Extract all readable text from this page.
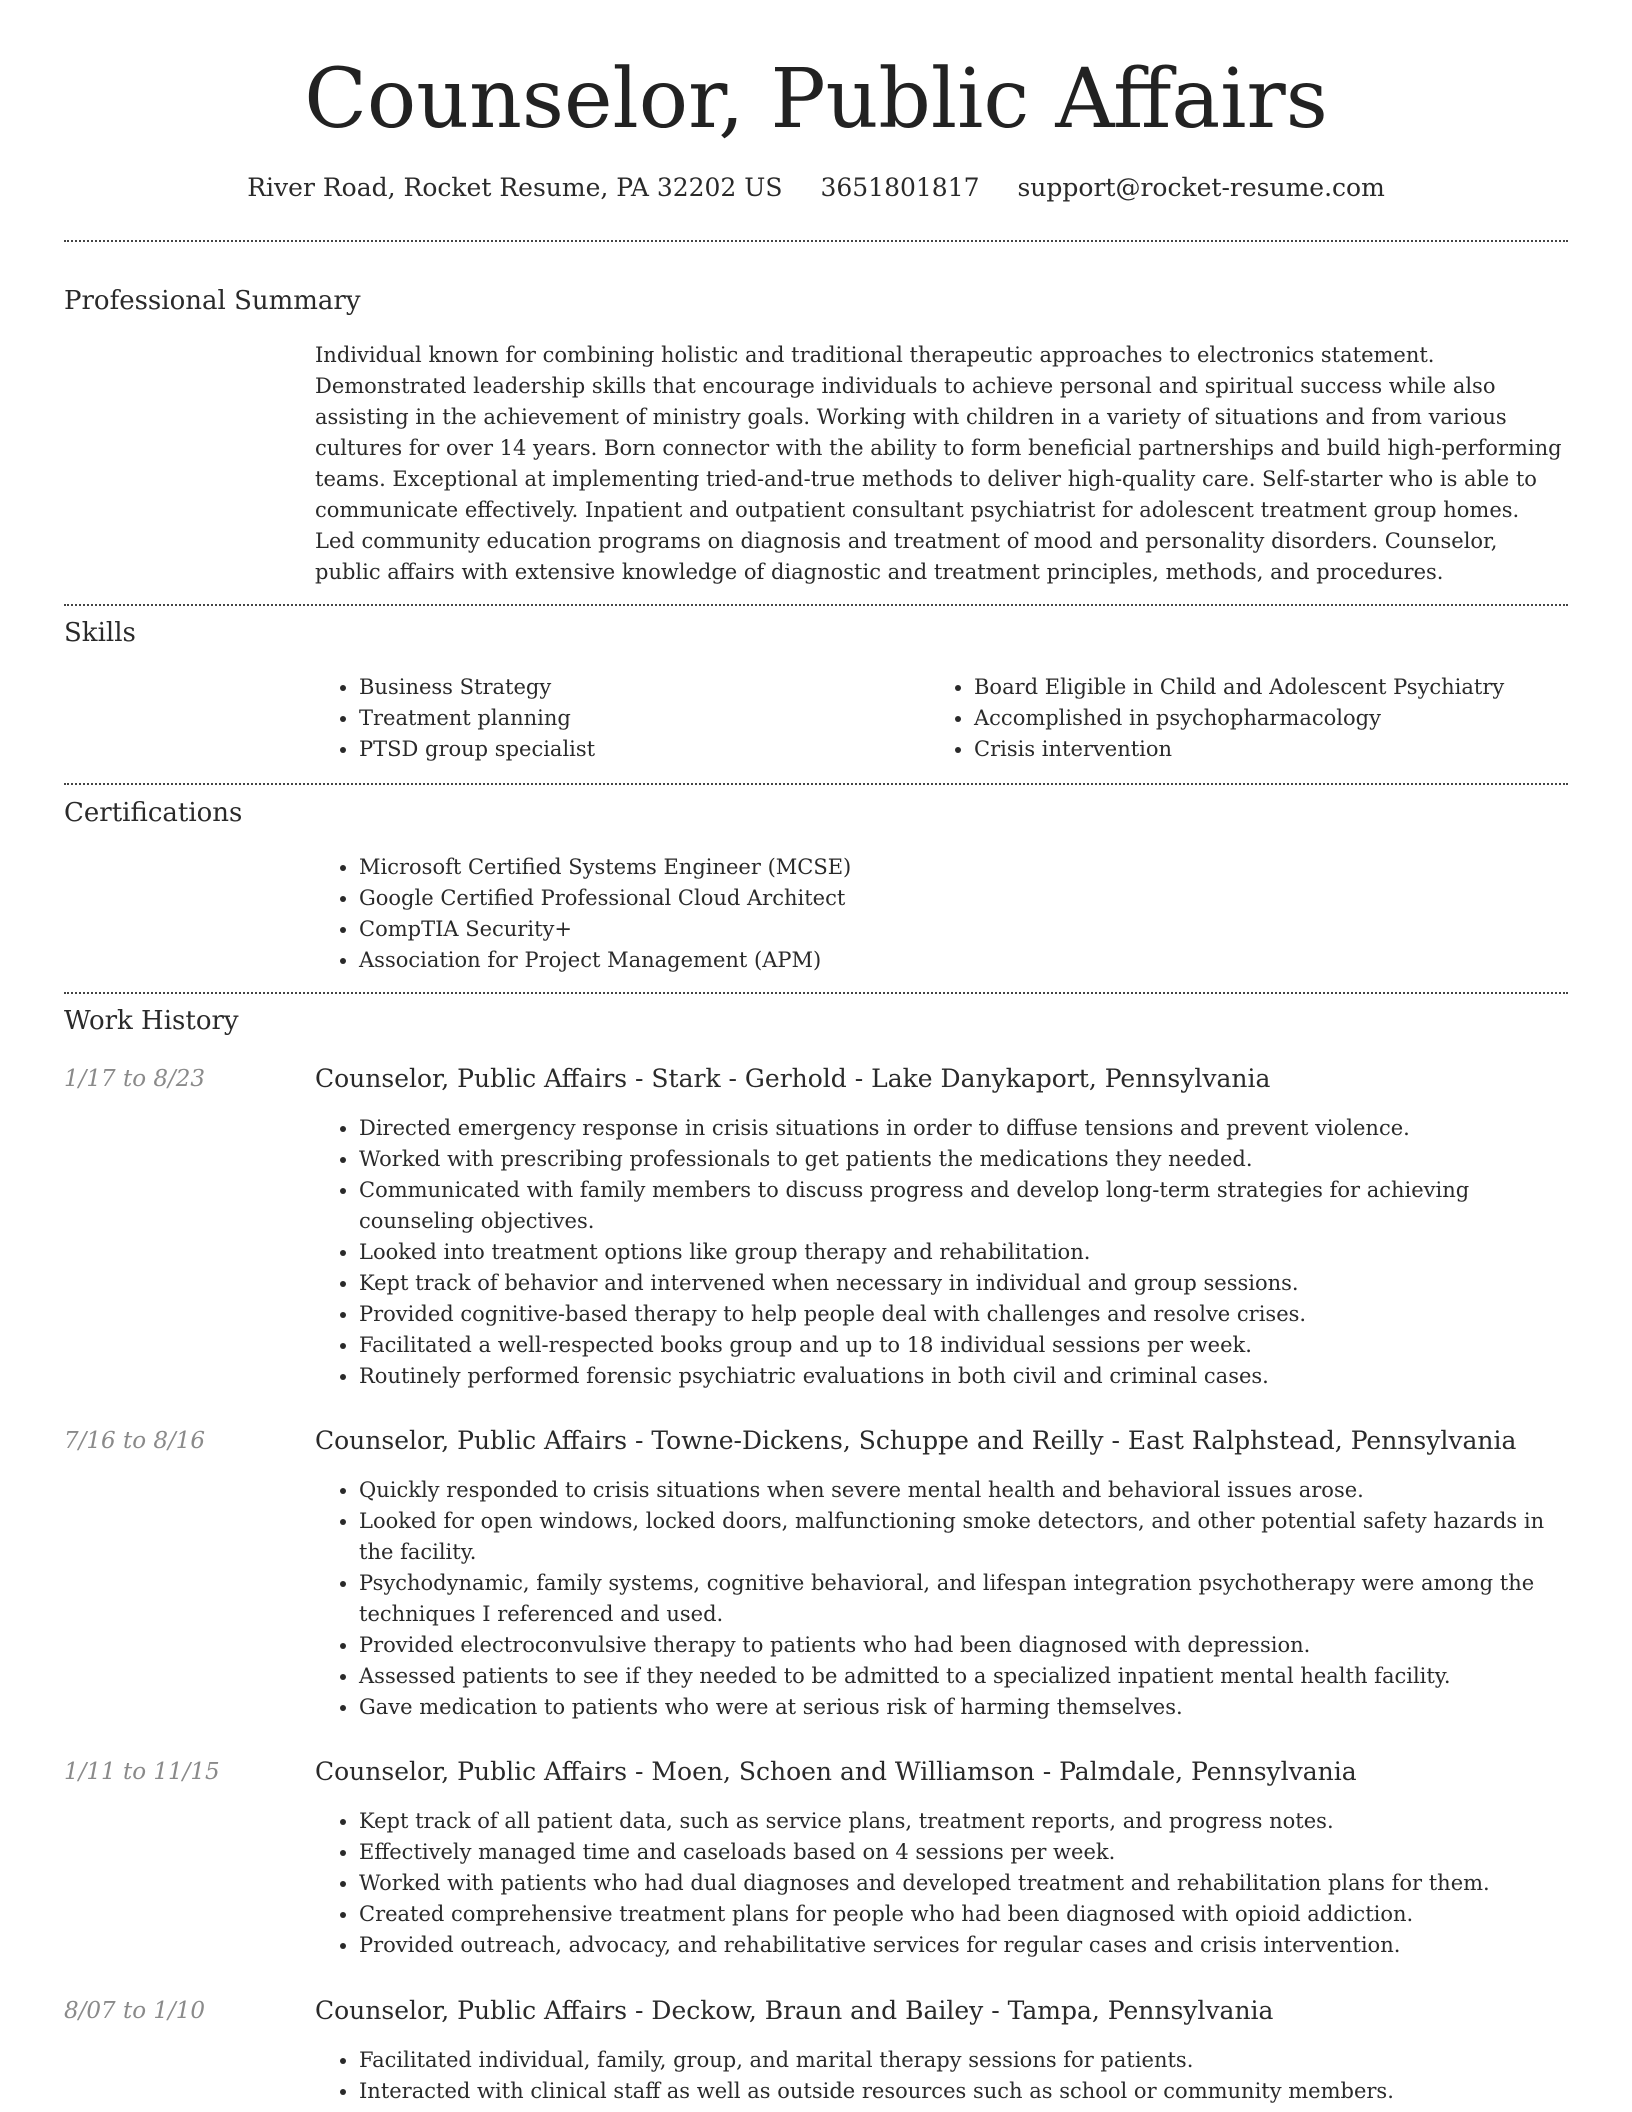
Counselor, Public Affairs
River Road, Rocket Resume, PA 32202 US 3651801817 support@rocket-resume.com
Professional Summary

Individual known for combining holistic and traditional therapeutic approaches to electronics statement. Demonstrated leadership skills that encourage individuals to achieve personal and spiritual success while also assisting in the achievement of ministry goals. Working with children in a variety of situations and from various cultures for over 14 years. Born connector with the ability to form beneficial partnerships and build high-performing teams. Exceptional at implementing tried-and-true methods to deliver high-quality care. Self-starter who is able to communicate effectively. Inpatient and outpatient consultant psychiatrist for adolescent treatment group homes. Led community education programs on diagnosis and treatment of mood and personality disorders. Counselor, public affairs with extensive knowledge of diagnostic and treatment principles, methods, and procedures.

Skills
• Business Strategy
• Treatment planning
• PTSD group specialist
• Board Eligible in Child and Adolescent Psychiatry
• Accomplished in psychopharmacology
• Crisis intervention
Certifications
• Microsoft Certified Systems Engineer (MCSE)
• Google Certified Professional Cloud Architect
• CompTIA Security+
• Association for Project Management (APM)
Work History
1/17 to 8/23	Counselor, Public Affairs - Stark - Gerhold - Lake Danykaport, Pennsylvania
• Directed emergency response in crisis situations in order to diffuse tensions and prevent violence.
• Worked with prescribing professionals to get patients the medications they needed.
• Communicated with family members to discuss progress and develop long-term strategies for achieving counseling objectives.
• Looked into treatment options like group therapy and rehabilitation.
• Kept track of behavior and intervened when necessary in individual and group sessions.
• Provided cognitive-based therapy to help people deal with challenges and resolve crises.
• Facilitated a well-respected books group and up to 18 individual sessions per week.
• Routinely performed forensic psychiatric evaluations in both civil and criminal cases.
7/16 to 8/16	Counselor, Public Affairs - Towne-Dickens, Schuppe and Reilly - East Ralphstead, Pennsylvania
• Quickly responded to crisis situations when severe mental health and behavioral issues arose.
• Looked for open windows, locked doors, malfunctioning smoke detectors, and other potential safety hazards in the facility.
• Psychodynamic, family systems, cognitive behavioral, and lifespan integration psychotherapy were among the techniques I referenced and used.
• Provided electroconvulsive therapy to patients who had been diagnosed with depression.
• Assessed patients to see if they needed to be admitted to a specialized inpatient mental health facility.
• Gave medication to patients who were at serious risk of harming themselves.
1/11 to 11/15	Counselor, Public Affairs - Moen, Schoen and Williamson - Palmdale, Pennsylvania
• Kept track of all patient data, such as service plans, treatment reports, and progress notes.
• Effectively managed time and caseloads based on 4 sessions per week.
• Worked with patients who had dual diagnoses and developed treatment and rehabilitation plans for them.
• Created comprehensive treatment plans for people who had been diagnosed with opioid addiction.
• Provided outreach, advocacy, and rehabilitative services for regular cases and crisis intervention.
8/07 to 1/10	Counselor, Public Affairs - Deckow, Braun and Bailey - Tampa, Pennsylvania
• Facilitated individual, family, group, and marital therapy sessions for patients.
• Interacted with clinical staff as well as outside resources such as school or community members.
